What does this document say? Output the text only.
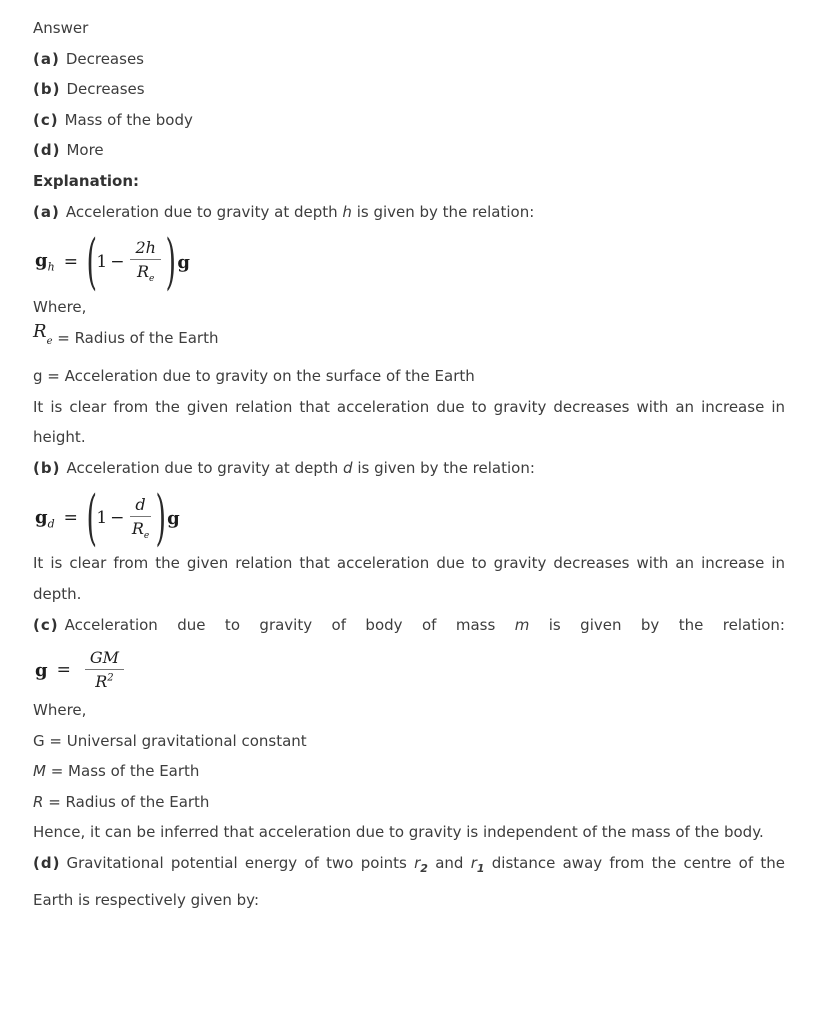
Answer

(a) Decreases

(b) Decreases

(c) Mass of the body

(d) More

Explanation:

(a) Acceleration due to gravity at depth h is given by the relation:

$g_h$ = ( $1 - \frac{2h}{R_e}$ ) g

Where,

$R_e$ = Radius of the Earth

g = Acceleration due to gravity on the surface of the Earth

It is clear from the given relation that acceleration due to gravity decreases with an increase in height.

(b) Acceleration due to gravity at depth d is given by the relation:

$g_d$ = ( $1 - \frac{d}{R_e}$ ) g

It is clear from the given relation that acceleration due to gravity decreases with an increase in depth.

(c) Acceleration due to gravity of body of mass m is given by the relation:

$g = \frac{GM}{R^2}$

Where,

G = Universal gravitational constant

M = Mass of the Earth

R = Radius of the Earth

Hence, it can be inferred that acceleration due to gravity is independent of the mass of the body.

(d) Gravitational potential energy of two points $r_2$ and $r_1$ distance away from the centre of the Earth is respectively given by:
